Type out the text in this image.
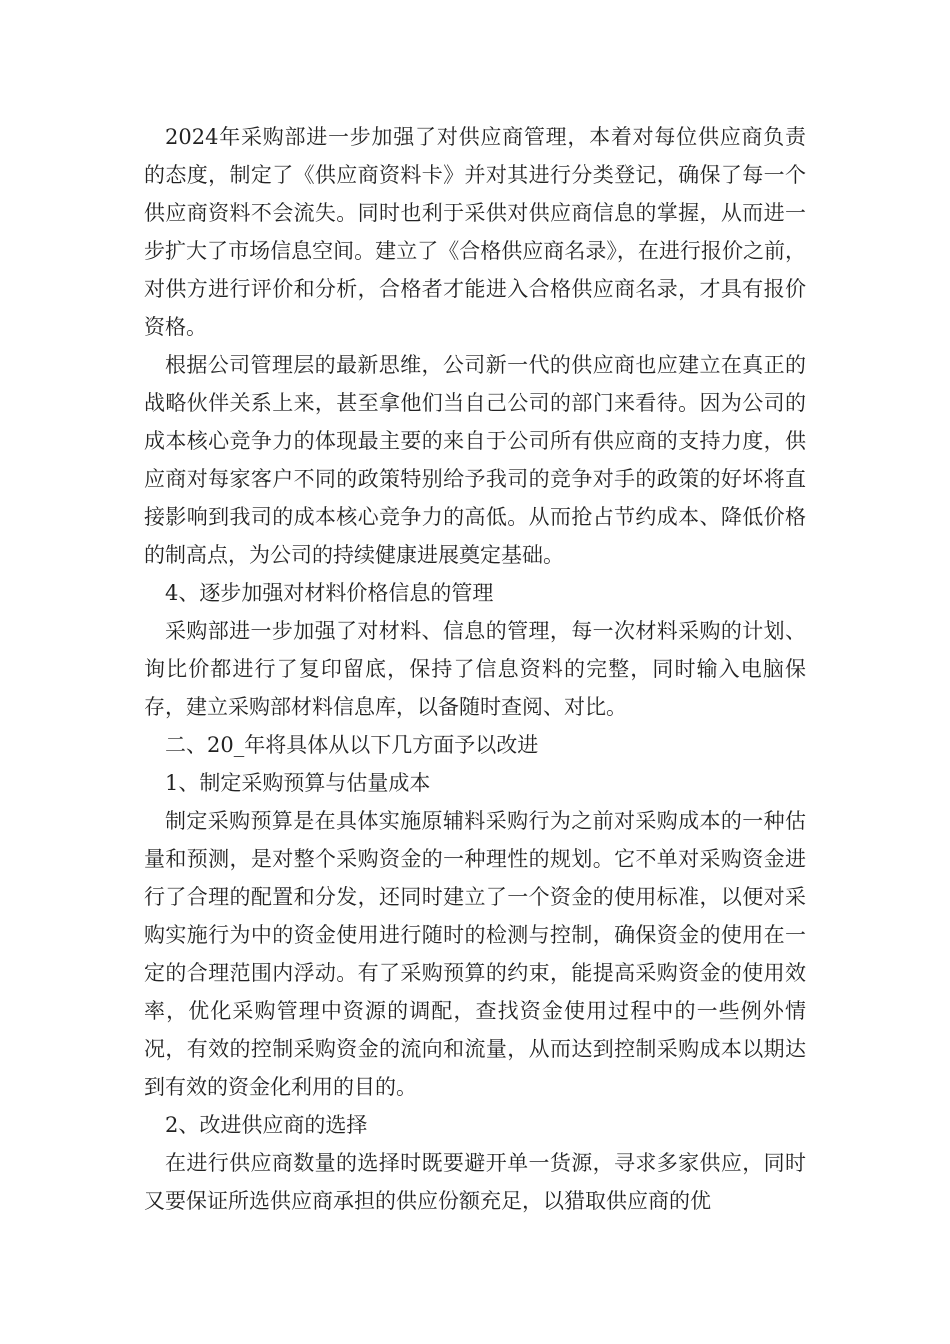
2024年采购部进一步加强了对供应商管理，本着对每位供应商负责的态度，制定了《供应商资料卡》并对其进行分类登记，确保了每一个供应商资料不会流失。同时也利于采供对供应商信息的掌握，从而进一步扩大了市场信息空间。建立了《合格供应商名录》，在进行报价之前，对供方进行评价和分析，合格者才能进入合格供应商名录，才具有报价资格。

根据公司管理层的最新思维，公司新一代的供应商也应建立在真正的战略伙伴关系上来，甚至拿他们当自己公司的部门来看待。因为公司的成本核心竞争力的体现最主要的来自于公司所有供应商的支持力度，供应商对每家客户不同的政策特别给予我司的竞争对手的政策的好坏将直接影响到我司的成本核心竞争力的高低。从而抢占节约成本、降低价格的制高点，为公司的持续健康进展奠定基础。

4、逐步加强对材料价格信息的管理

采购部进一步加强了对材料、信息的管理，每一次材料采购的计划、询比价都进行了复印留底，保持了信息资料的完整，同时输入电脑保存，建立采购部材料信息库，以备随时查阅、对比。

二、20_年将具体从以下几方面予以改进

1、制定采购预算与估量成本

制定采购预算是在具体实施原辅料采购行为之前对采购成本的一种估量和预测，是对整个采购资金的一种理性的规划。它不单对采购资金进行了合理的配置和分发，还同时建立了一个资金的使用标准，以便对采购实施行为中的资金使用进行随时的检测与控制，确保资金的使用在一定的合理范围内浮动。有了采购预算的约束，能提高采购资金的使用效率，优化采购管理中资源的调配，查找资金使用过程中的一些例外情况，有效的控制采购资金的流向和流量，从而达到控制采购成本以期达到有效的资金化利用的目的。

2、改进供应商的选择

在进行供应商数量的选择时既要避开单一货源，寻求多家供应，同时又要保证所选供应商承担的供应份额充足，以猎取供应商的优
